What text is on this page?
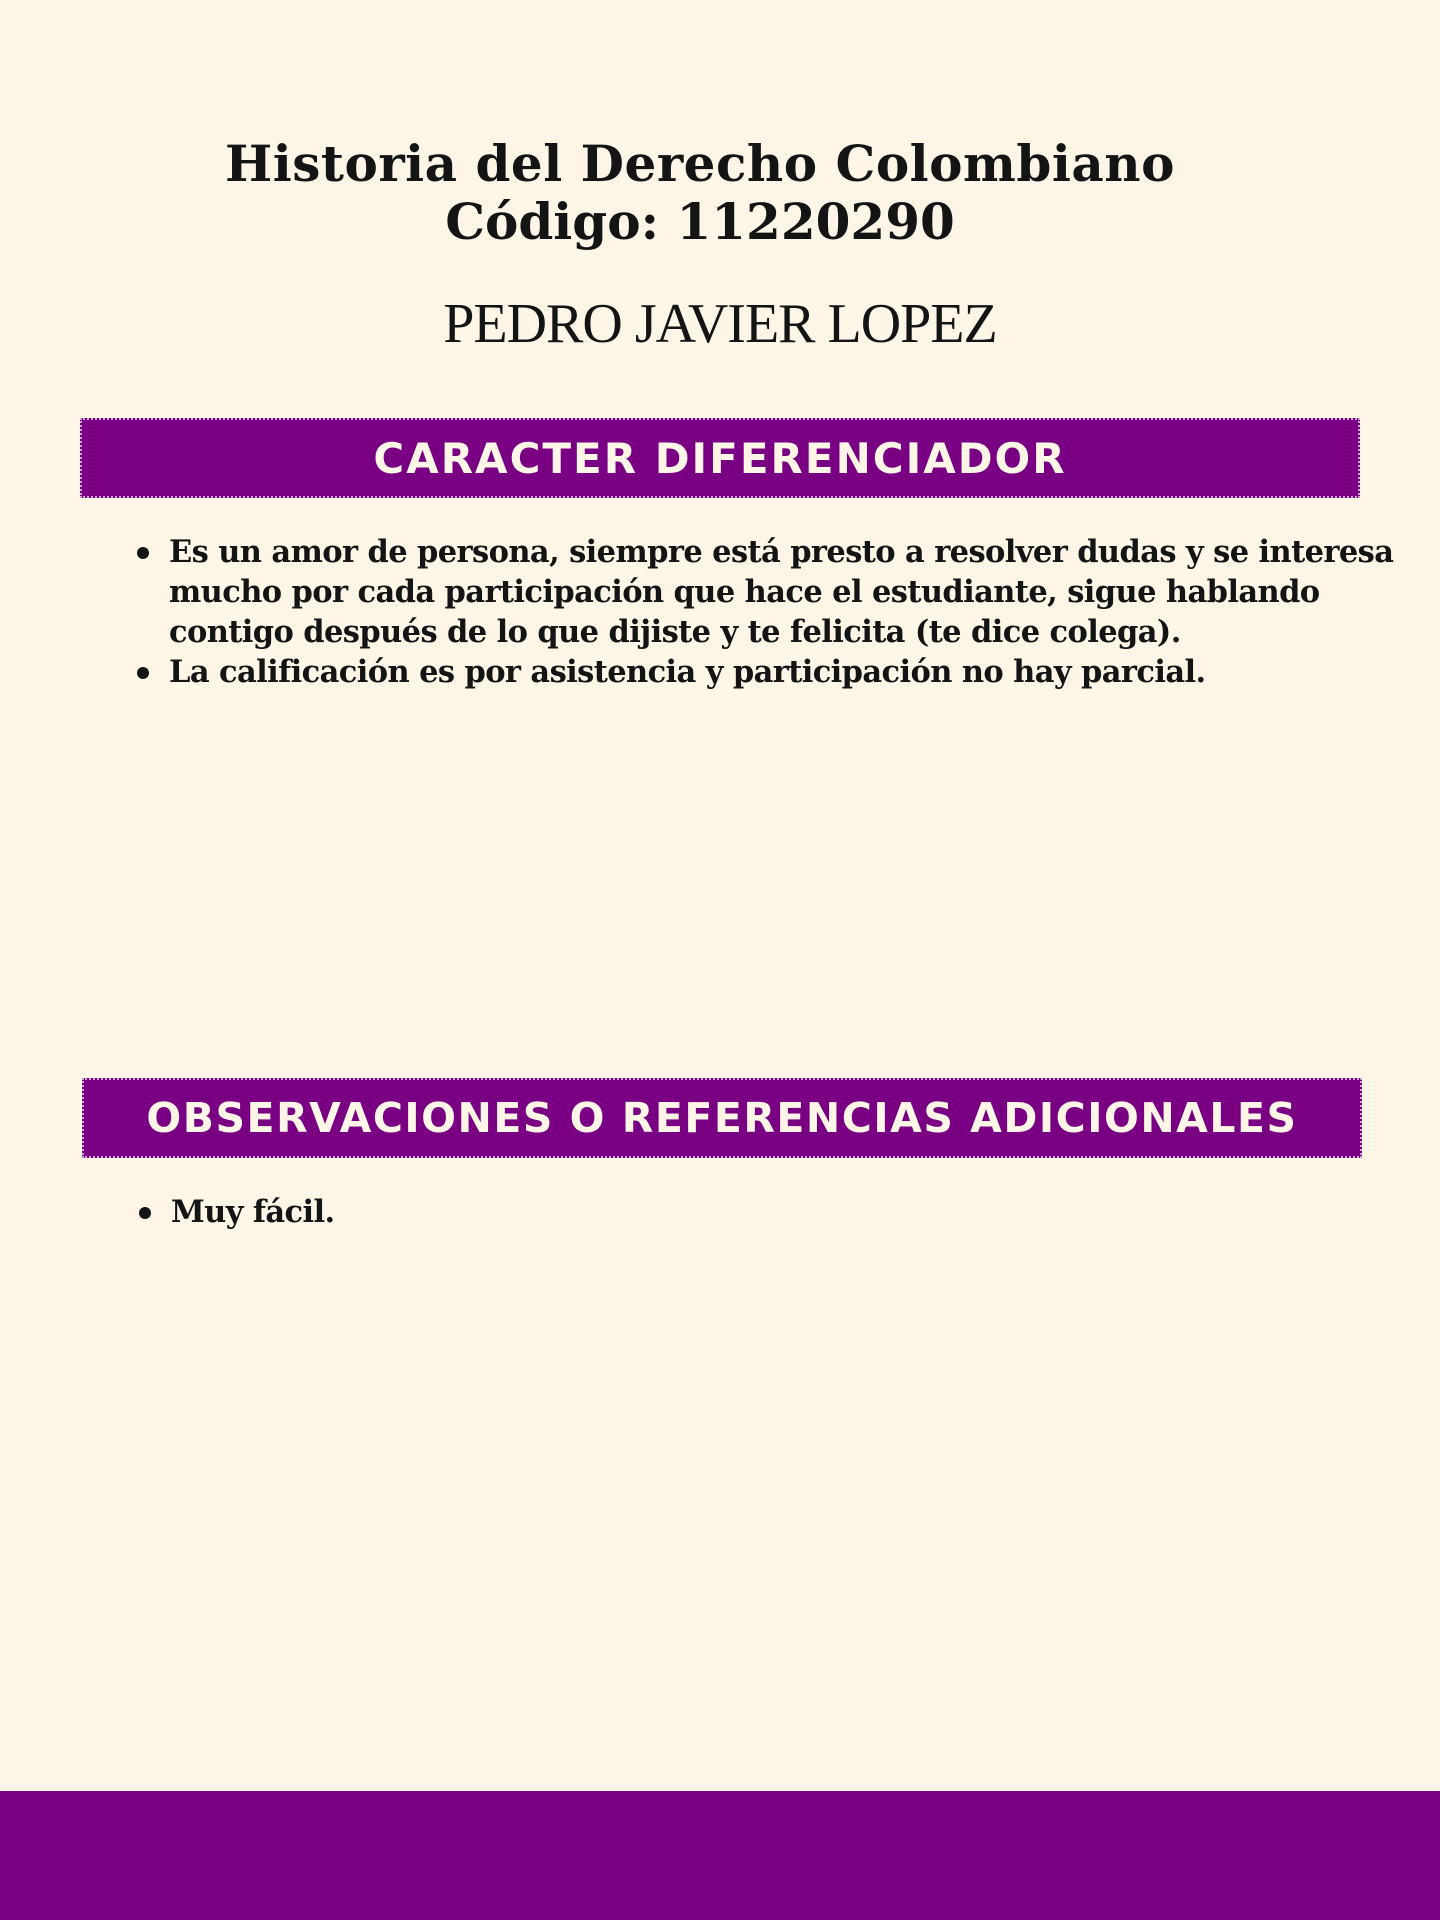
Historia del Derecho Colombiano
Código: 11220290

PEDRO JAVIER LOPEZ

CARACTER DIFERENCIADOR
Es un amor de persona, siempre está presto a resolver dudas y se interesa mucho por cada participación que hace el estudiante, sigue hablando contigo después de lo que dijiste y te felicita (te dice colega).
La calificación es por asistencia y participación no hay parcial.
OBSERVACIONES O REFERENCIAS ADICIONALES
Muy fácil.
